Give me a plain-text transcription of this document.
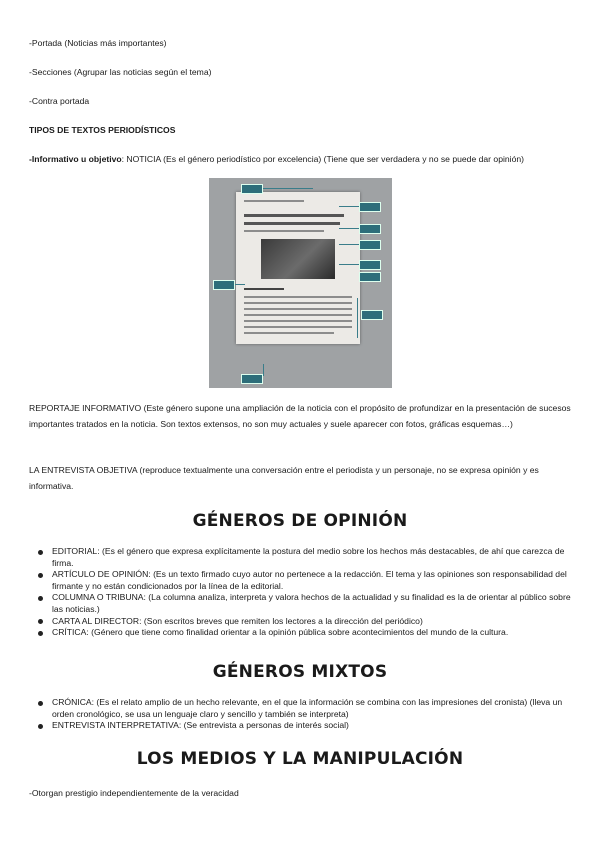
-Portada (Noticias más importantes)
-Secciones (Agrupar las noticias según el tema)
-Contra portada
TIPOS DE TEXTOS PERIODÍSTICOS
-Informativo u objetivo: NOTICIA (Es el género periodístico por excelencia) (Tiene que ser verdadera y no se puede dar opinión)
REPORTAJE INFORMATIVO (Este género supone una ampliación de la noticia con el propósito de profundizar en la presentación de sucesos importantes tratados en la noticia. Son textos extensos, no son muy actuales y suele aparecer con fotos, gráficas esquemas…)
LA ENTREVISTA OBJETIVA (reproduce textualmente una conversación entre el periodista y un personaje, no se expresa opinión y es informativa.
GÉNEROS DE OPINIÓN
EDITORIAL: (Es el género que expresa explícitamente la postura del medio sobre los hechos más destacables, de ahí que carezca de firma.
ARTÍCULO DE OPINIÓN: (Es un texto firmado cuyo autor no pertenece a la redacción. El tema y las opiniones son responsabilidad del firmante y no están condicionados por la línea de la editorial.
COLUMNA O TRIBUNA: (La columna analiza, interpreta y valora hechos de la actualidad y su finalidad es la de orientar al público sobre las noticias.)
CARTA AL DIRECTOR: (Son escritos breves que remiten los lectores a la dirección del periódico)
CRÍTICA: (Género que tiene como finalidad orientar a la opinión pública sobre acontecimientos del mundo de la cultura.
GÉNEROS MIXTOS
CRÓNICA: (Es el relato amplio de un hecho relevante, en el que la información se combina con las impresiones del cronista) (lleva un orden cronológico, se usa un lenguaje claro y sencillo y también se interpreta)
ENTREVISTA INTERPRETATIVA: (Se entrevista a personas de interés social)
LOS MEDIOS Y LA MANIPULACIÓN
-Otorgan prestigio independientemente de la veracidad
